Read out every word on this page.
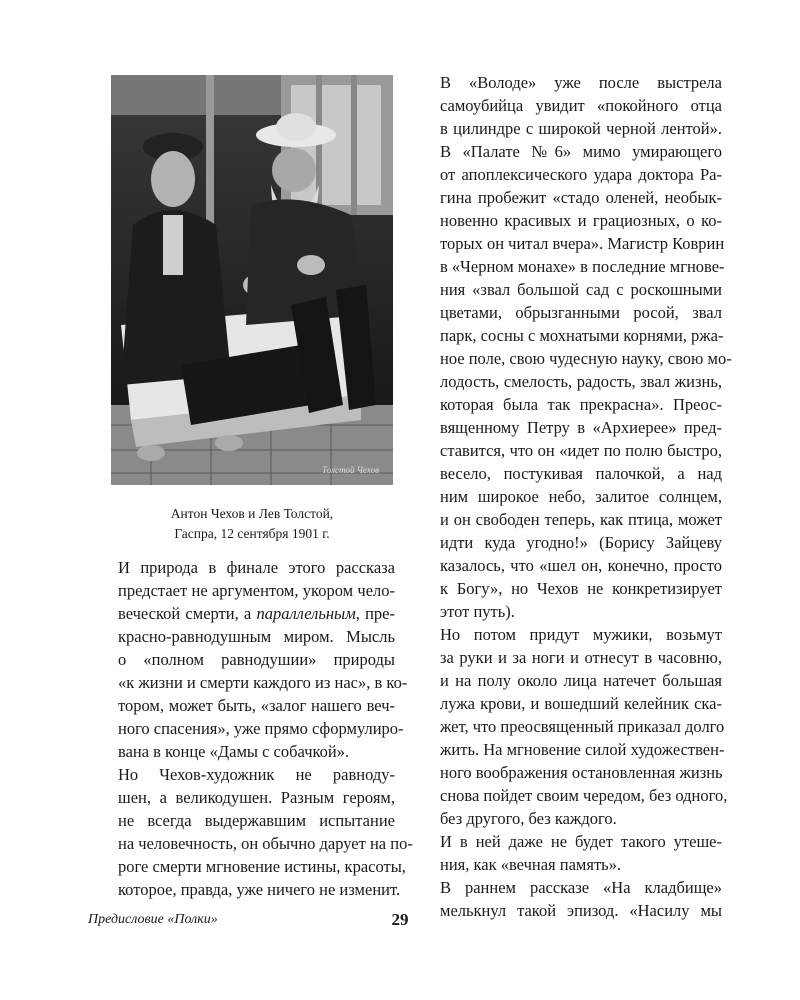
Толстой Чехов
Антон Чехов и Лев Толстой,
Гаспра, 12 сентября 1901 г.

И природа в финале этого рассказа
предстает не аргументом, укором чело-
веческой смерти, а параллельным, пре-
красно-равнодушным миром. Мысль
о «полном равнодушии» природы
«к жизни и смерти каждого из нас», в ко-
тором, может быть, «залог нашего веч-
ного спасения», уже прямо сформулиро-
вана в конце «Дамы с собачкой».

Но Чехов-художник не равноду-
шен, а великодушен. Разным героям,
не всегда выдержавшим испытание
на человечность, он обычно дарует на по-
роге смерти мгновение истины, красоты,
которое, правда, уже ничего не изменит.

В «Володе» уже после выстрела
самоубийца увидит «покойного отца
в цилиндре с широкой черной лентой».
В «Палате №6» мимо умирающего
от апоплексического удара доктора Ра-
гина пробежит «стадо оленей, необык-
новенно красивых и грациозных, о ко-
торых он читал вчера». Магистр Коврин
в «Черном монахе» в последние мгнове-
ния «звал большой сад с роскошными
цветами, обрызганными росой, звал
парк, сосны с мохнатыми корнями, ржа-
ное поле, свою чудесную науку, свою мо-
лодость, смелость, радость, звал жизнь,
которая была так прекрасна». Преос-
вященному Петру в «Архиерее» пред-
ставится, что он «идет по полю быстро,
весело, постукивая палочкой, а над
ним широкое небо, залитое солнцем,
и он свободен теперь, как птица, может
идти куда угодно!» (Борису Зайцеву
казалось, что «шел он, конечно, просто
к Богу», но Чехов не конкретизирует
этот путь).

Но потом придут мужики, возьмут
за руки и за ноги и отнесут в часовню,
и на полу около лица натечет большая
лужа крови, и вошедший келейник ска-
жет, что преосвященный приказал долго
жить. На мгновение силой художествен-
ного воображения остановленная жизнь
снова пойдет своим чередом, без одного,
без другого, без каждого.

И в ней даже не будет такого утеше-
ния, как «вечная память».

В раннем рассказе «На кладбище»
мелькнул такой эпизод. «Насилу мы

Предисловие «Полки»	29
